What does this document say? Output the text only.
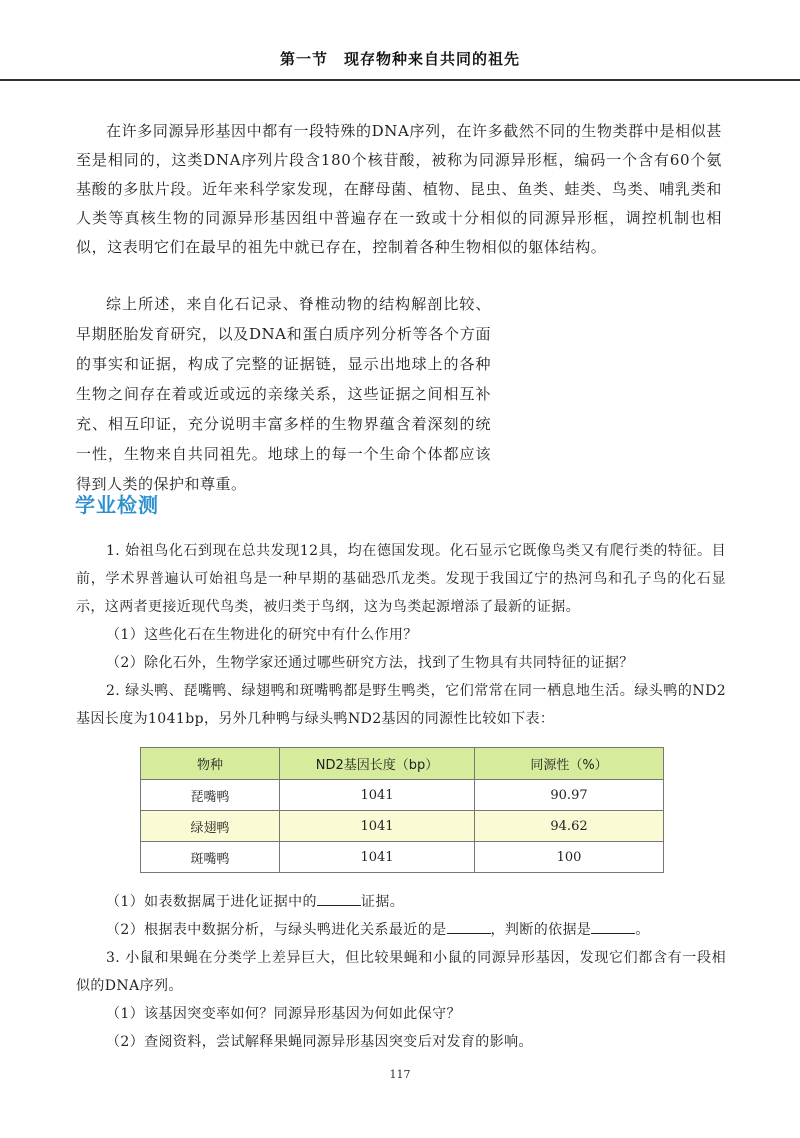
第一节　现存物种来自共同的祖先

在许多同源异形基因中都有一段特殊的DNA序列，在许多截然不同的生物类群中是相似甚至是相同的，这类DNA序列片段含180个核苷酸，被称为同源异形框，编码一个含有60个氨基酸的多肽片段。近年来科学家发现，在酵母菌、植物、昆虫、鱼类、蛙类、鸟类、哺乳类和人类等真核生物的同源异形基因组中普遍存在一致或十分相似的同源异形框，调控机制也相似，这表明它们在最早的祖先中就已存在，控制着各种生物相似的躯体结构。

综上所述，来自化石记录、脊椎动物的结构解剖比较、早期胚胎发育研究，以及DNA和蛋白质序列分析等各个方面的事实和证据，构成了完整的证据链，显示出地球上的各种生物之间存在着或近或远的亲缘关系，这些证据之间相互补充、相互印证，充分说明丰富多样的生物界蕴含着深刻的统一性，生物来自共同祖先。地球上的每一个生命个体都应该得到人类的保护和尊重。

学业检测

1. 始祖鸟化石到现在总共发现12具，均在德国发现。化石显示它既像鸟类又有爬行类的特征。目前，学术界普遍认可始祖鸟是一种早期的基础恐爪龙类。发现于我国辽宁的热河鸟和孔子鸟的化石显示，这两者更接近现代鸟类，被归类于鸟纲，这为鸟类起源增添了最新的证据。

（1）这些化石在生物进化的研究中有什么作用？

（2）除化石外，生物学家还通过哪些研究方法，找到了生物具有共同特征的证据？

2. 绿头鸭、琵嘴鸭、绿翅鸭和斑嘴鸭都是野生鸭类，它们常常在同一栖息地生活。绿头鸭的ND2基因长度为1041bp，另外几种鸭与绿头鸭ND2基因的同源性比较如下表：

物种	ND2基因长度（bp）	同源性（%）
琵嘴鸭	1041	90.97
绿翅鸭	1041	94.62
斑嘴鸭	1041	100

（1）如表数据属于进化证据中的	证据。

（2）根据表中数据分析，与绿头鸭进化关系最近的是	，判断的依据是	。

3. 小鼠和果蝇在分类学上差异巨大，但比较果蝇和小鼠的同源异形基因，发现它们都含有一段相似的DNA序列。

（1）该基因突变率如何？同源异形基因为何如此保守？

（2）查阅资料，尝试解释果蝇同源异形基因突变后对发育的影响。

117
